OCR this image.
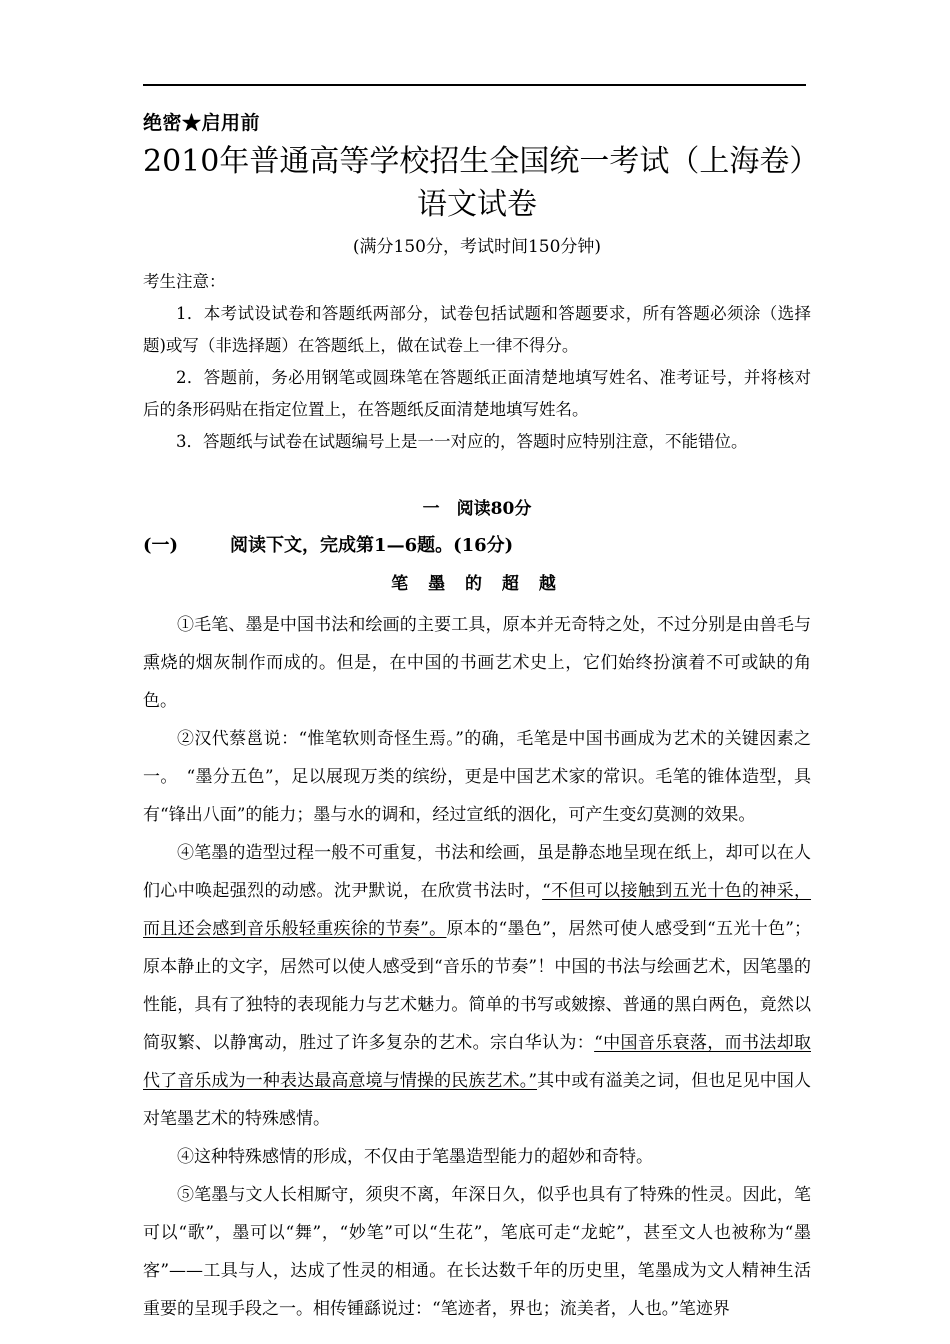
绝密★启用前

2010年普通高等学校招生全国统一考试（上海卷）
语文试卷
(满分150分，考试时间150分钟)

考生注意：

1．本考试设试卷和答题纸两部分，试卷包括试题和答题要求，所有答题必须涂（选择题)或写（非选择题）在答题纸上，做在试卷上一律不得分。

2．答题前，务必用钢笔或圆珠笔在答题纸正面清楚地填写姓名、准考证号，并将核对后的条形码贴在指定位置上，在答题纸反面清楚地填写姓名。

3．答题纸与试卷在试题编号上是一一对应的，答题时应特别注意，不能错位。

一　阅读80分

(一)	阅读下文，完成第1—6题。(16分)

笔 墨 的 超 越

①毛笔、墨是中国书法和绘画的主要工具，原本并无奇特之处，不过分别是由兽毛与熏烧的烟灰制作而成的。但是，在中国的书画艺术史上，它们始终扮演着不可或缺的角色。

②汉代蔡邕说：“惟笔软则奇怪生焉。”的确，毛笔是中国书画成为艺术的关键因素之一。　“墨分五色”，足以展现万类的缤纷，更是中国艺术家的常识。毛笔的锥体造型，具有“锋出八面”的能力；墨与水的调和，经过宣纸的洇化，可产生变幻莫测的效果。

④笔墨的造型过程一般不可重复，书法和绘画，虽是静态地呈现在纸上，却可以在人们心中唤起强烈的动感。沈尹默说，在欣赏书法时，“不但可以接触到五光十色的神采，而且还会感到音乐般轻重疾徐的节奏”。原本的“墨色”，居然可使人感受到“五光十色”；原本静止的文字，居然可以使人感受到“音乐的节奏”！中国的书法与绘画艺术，因笔墨的性能，具有了独特的表现能力与艺术魅力。简单的书写或皴擦、普通的黑白两色，竟然以简驭繁、以静寓动，胜过了许多复杂的艺术。宗白华认为：“中国音乐衰落，而书法却取代了音乐成为一种表达最高意境与情操的民族艺术。”其中或有溢美之词，但也足见中国人对笔墨艺术的特殊感情。

④这种特殊感情的形成，不仅由于笔墨造型能力的超妙和奇特。

⑤笔墨与文人长相厮守，须臾不离，年深日久，似乎也具有了特殊的性灵。因此，笔可以“歌”，墨可以“舞”，“妙笔”可以“生花”，笔底可走“龙蛇”，甚至文人也被称为“墨客”——工具与人，达成了性灵的相通。在长达数千年的历史里，笔墨成为文人精神生活重要的呈现手段之一。相传锺繇说过：“笔迹者，界也；流美者，人也。”笔迹界
